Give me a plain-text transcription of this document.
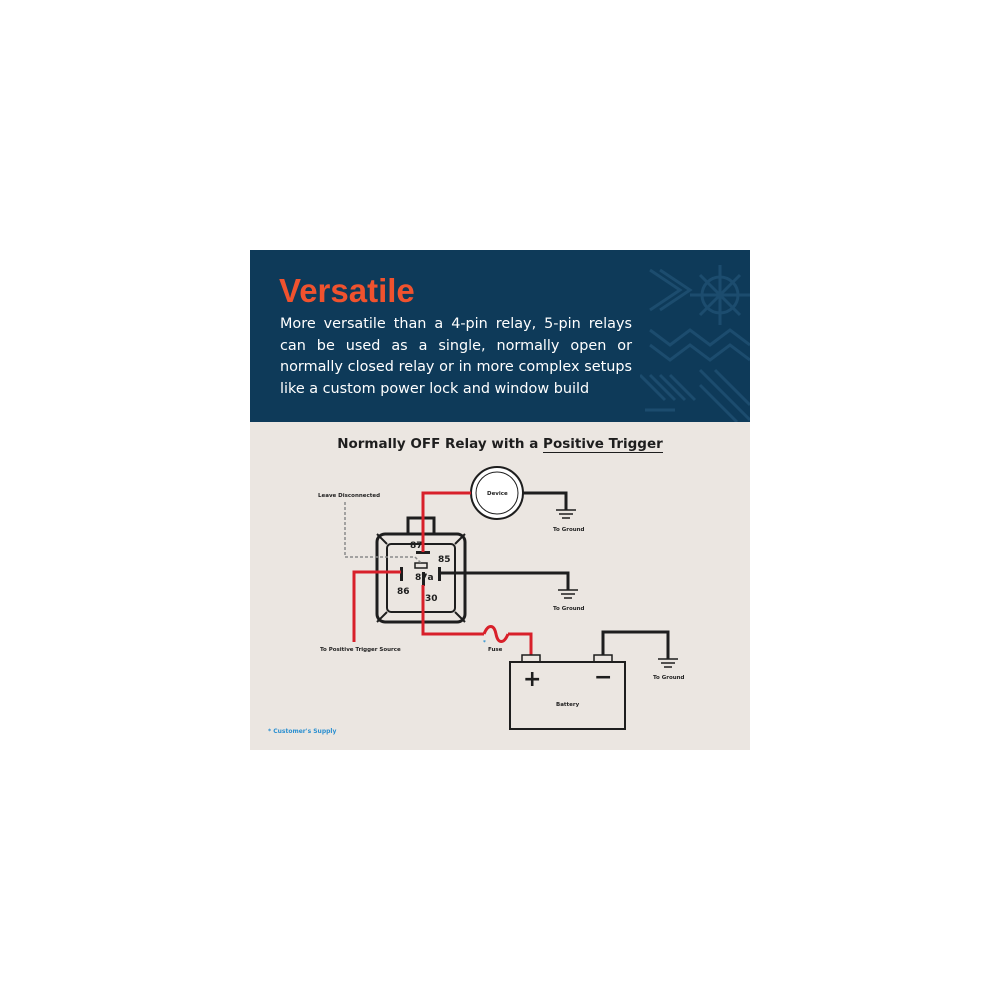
Versatile

More versatile than a 4-pin relay, 5-pin relays can be used as a single, normally open or normally closed relay or in more complex setups like a custom power lock and window build

Normally OFF Relay with a Positive Trigger
87
85
87a
86
30
Leave Disconnected	Device
To Ground
To Ground
To Positive Trigger Source
*
Fuse
+ −
Battery
To Ground
* Customer's Supply
